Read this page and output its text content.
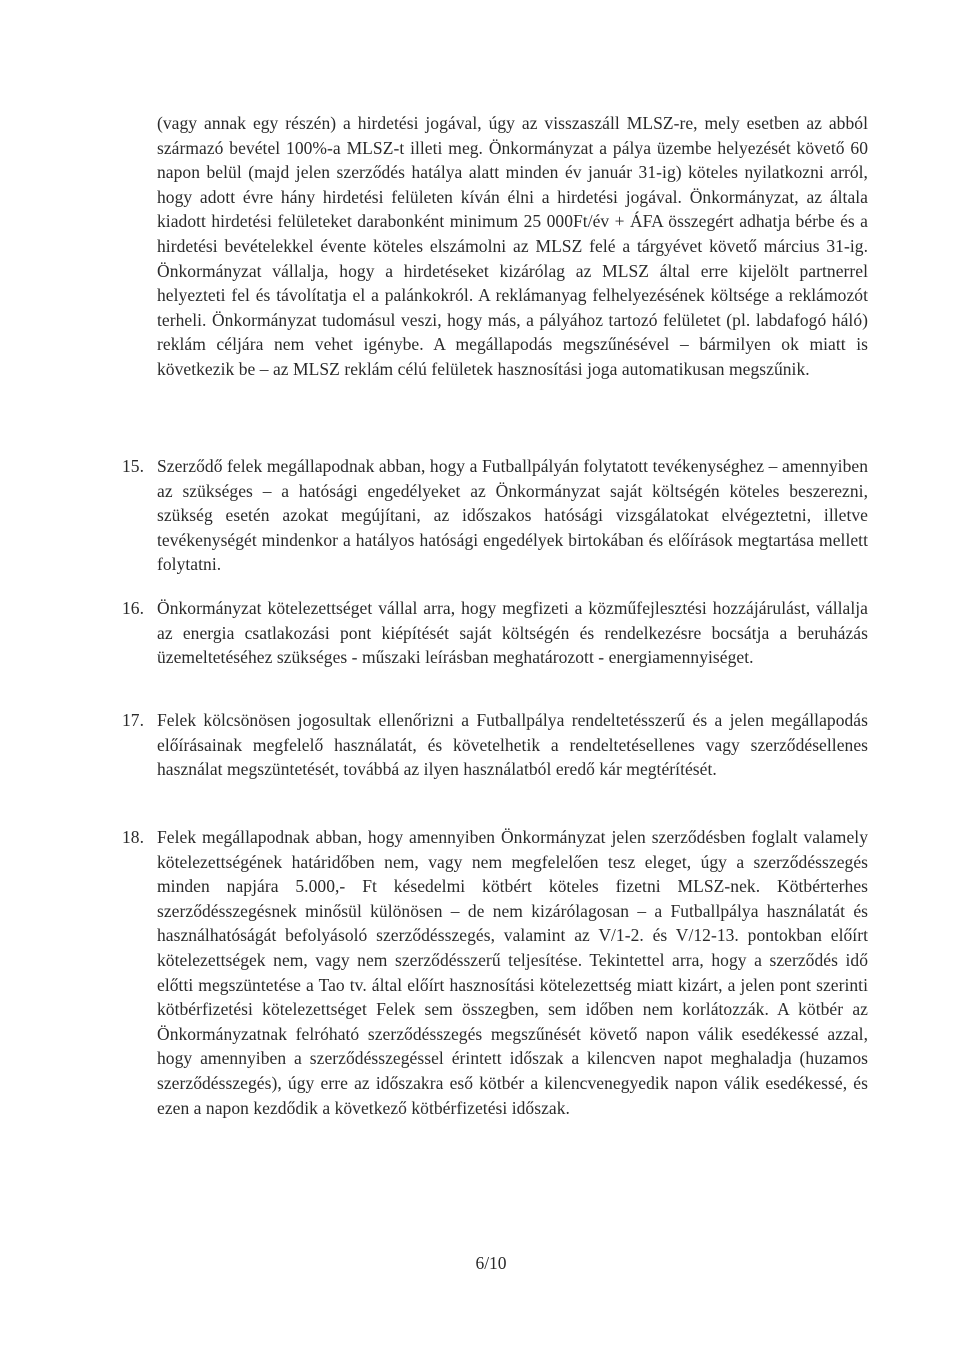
(vagy annak egy részén) a hirdetési jogával, úgy az visszaszáll MLSZ-re, mely esetben az abból származó bevétel 100%-a MLSZ-t illeti meg. Önkormányzat a pálya üzembe helyezését követő 60 napon belül (majd jelen szerződés hatálya alatt minden év január 31-ig) köteles nyilatkozni arról, hogy adott évre hány hirdetési felületen kíván élni a hirdetési jogával. Önkormányzat, az általa kiadott hirdetési felületeket darabonként minimum 25 000Ft/év + ÁFA összegért adhatja bérbe és a hirdetési bevételekkel évente köteles elszámolni az MLSZ felé a tárgyévet követő március 31-ig. Önkormányzat vállalja, hogy a hirdetéseket kizárólag az MLSZ által erre kijelölt partnerrel helyezteti fel és távolítatja el a palánkokról. A reklámanyag felhelyezésének költsége a reklámozót terheli. Önkormányzat tudomásul veszi, hogy más, a pályához tartozó felületet (pl. labdafogó háló) reklám céljára nem vehet igénybe. A megállapodás megszűnésével – bármilyen ok miatt is következik be – az MLSZ reklám célú felületek hasznosítási joga automatikusan megszűnik.
15. Szerződő felek megállapodnak abban, hogy a Futballpályán folytatott tevékenységhez – amennyiben az szükséges – a hatósági engedélyeket az Önkormányzat saját költségén köteles beszerezni, szükség esetén azokat megújítani, az időszakos hatósági vizsgálatokat elvégeztetni, illetve tevékenységét mindenkor a hatályos hatósági engedélyek birtokában és előírások megtartása mellett folytatni.
16. Önkormányzat kötelezettséget vállal arra, hogy megfizeti a közműfejlesztési hozzájárulást, vállalja az energia csatlakozási pont kiépítését saját költségén és rendelkezésre bocsátja a beruházás üzemeltetéséhez szükséges - műszaki leírásban meghatározott - energiamennyiséget.
17. Felek kölcsönösen jogosultak ellenőrizni a Futballpálya rendeltetésszerű és a jelen megállapodás előírásainak megfelelő használatát, és követelhetik a rendeltetésellenes vagy szerződésellenes használat megszüntetését, továbbá az ilyen használatból eredő kár megtérítését.
18. Felek megállapodnak abban, hogy amennyiben Önkormányzat jelen szerződésben foglalt valamely kötelezettségének határidőben nem, vagy nem megfelelően tesz eleget, úgy a szerződésszegés minden napjára 5.000,- Ft késedelmi kötbért köteles fizetni MLSZ-nek. Kötbérterhes szerződésszegésnek minősül különösen – de nem kizárólagosan – a Futballpálya használatát és használhatóságát befolyásoló szerződésszegés, valamint az V/1-2. és V/12-13. pontokban előírt kötelezettségek nem, vagy nem szerződésszerű teljesítése. Tekintettel arra, hogy a szerződés idő előtti megszüntetése a Tao tv. által előírt hasznosítási kötelezettség miatt kizárt, a jelen pont szerinti kötbérfizetési kötelezettséget Felek sem összegben, sem időben nem korlátozzák. A kötbér az Önkormányzatnak felróható szerződésszegés megszűnését követő napon válik esedékessé azzal, hogy amennyiben a szerződésszegéssel érintett időszak a kilencven napot meghaladja (huzamos szerződésszegés), úgy erre az időszakra eső kötbér a kilencvenegyedik napon válik esedékessé, és ezen a napon kezdődik a következő kötbérfizetési időszak.
6/10
